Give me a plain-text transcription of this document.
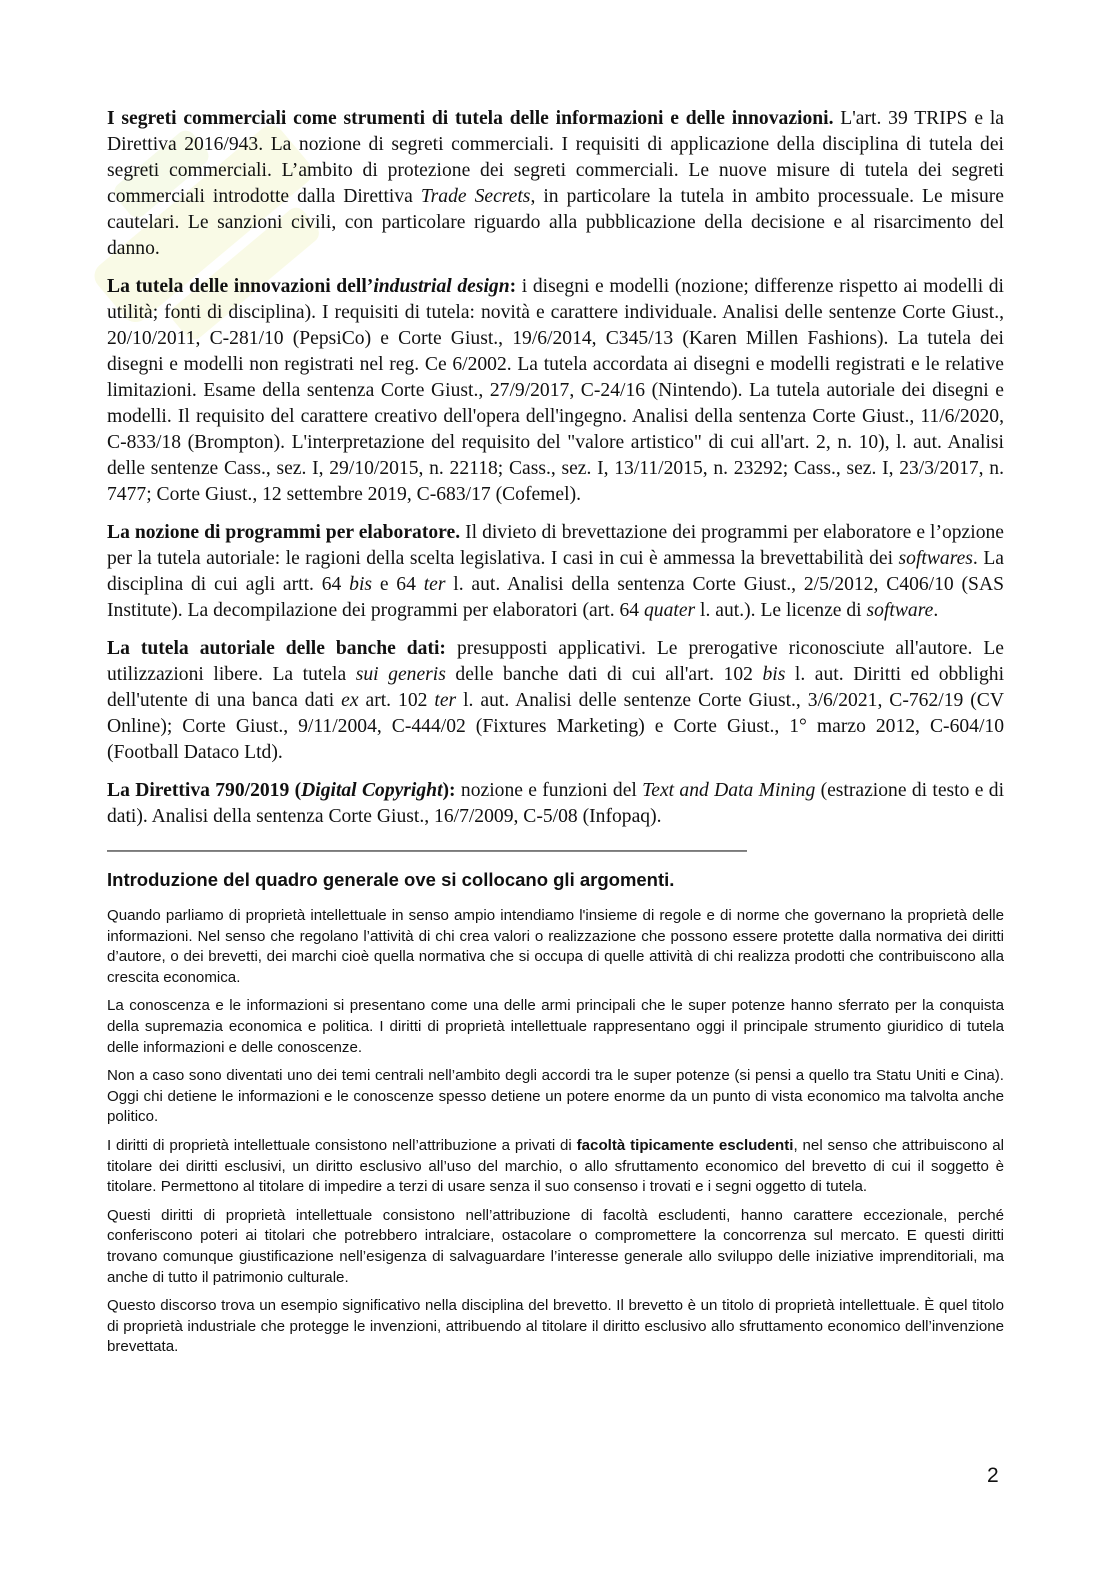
I segreti commerciali come strumenti di tutela delle informazioni e delle innovazioni. L'art. 39 TRIPS e la Direttiva 2016/943. La nozione di segreti commerciali. I requisiti di applicazione della disciplina di tutela dei segreti commerciali. L’ambito di protezione dei segreti commerciali. Le nuove misure di tutela dei segreti commerciali introdotte dalla Direttiva Trade Secrets, in particolare la tutela in ambito processuale. Le misure cautelari. Le sanzioni civili, con particolare riguardo alla pubblicazione della decisione e al risarcimento del danno.

La tutela delle innovazioni dell’industrial design: i disegni e modelli (nozione; differenze rispetto ai modelli di utilità; fonti di disciplina). I requisiti di tutela: novità e carattere individuale. Analisi delle sentenze Corte Giust., 20/10/2011, C-281/10 (PepsiCo) e Corte Giust., 19/6/2014, C345/13 (Karen Millen Fashions). La tutela dei disegni e modelli non registrati nel reg. Ce 6/2002. La tutela accordata ai disegni e modelli registrati e le relative limitazioni. Esame della sentenza Corte Giust., 27/9/2017, C-24/16 (Nintendo). La tutela autoriale dei disegni e modelli. Il requisito del carattere creativo dell'opera dell'ingegno. Analisi della sentenza Corte Giust., 11/6/2020, C-833/18 (Brompton). L'interpretazione del requisito del "valore artistico" di cui all'art. 2, n. 10), l. aut. Analisi delle sentenze Cass., sez. I, 29/10/2015, n. 22118; Cass., sez. I, 13/11/2015, n. 23292; Cass., sez. I, 23/3/2017, n. 7477; Corte Giust., 12 settembre 2019, C-683/17 (Cofemel).

La nozione di programmi per elaboratore. Il divieto di brevettazione dei programmi per elaboratore e l’opzione per la tutela autoriale: le ragioni della scelta legislativa. I casi in cui è ammessa la brevettabilità dei softwares. La disciplina di cui agli artt. 64 bis e 64 ter l. aut. Analisi della sentenza Corte Giust., 2/5/2012, C406/10 (SAS Institute). La decompilazione dei programmi per elaboratori (art. 64 quater l. aut.). Le licenze di software.

La tutela autoriale delle banche dati: presupposti applicativi. Le prerogative riconosciute all'autore. Le utilizzazioni libere. La tutela sui generis delle banche dati di cui all'art. 102 bis l. aut. Diritti ed obblighi dell'utente di una banca dati ex art. 102 ter l. aut. Analisi delle sentenze Corte Giust., 3/6/2021, C-762/19 (CV Online); Corte Giust., 9/11/2004, C-444/02 (Fixtures Marketing) e Corte Giust., 1° marzo 2012, C-604/10 (Football Dataco Ltd).

La Direttiva 790/2019 (Digital Copyright): nozione e funzioni del Text and Data Mining (estrazione di testo e di dati). Analisi della sentenza Corte Giust., 16/7/2009, C-5/08 (Infopaq).

————————————————————————————————————————
Introduzione del quadro generale ove si collocano gli argomenti.

Quando parliamo di proprietà intellettuale in senso ampio intendiamo l'insieme di regole e di norme che governano la proprietà delle informazioni. Nel senso che regolano l’attività di chi crea valori o realizzazione che possono essere protette dalla normativa dei diritti d’autore, o dei brevetti, dei marchi cioè quella normativa che si occupa di quelle attività di chi realizza prodotti che contribuiscono alla crescita economica.

La conoscenza e le informazioni si presentano come una delle armi principali che le super potenze hanno sferrato per la conquista della supremazia economica e politica. I diritti di proprietà intellettuale rappresentano oggi il principale strumento giuridico di tutela delle informazioni e delle conoscenze.

Non a caso sono diventati uno dei temi centrali nell’ambito degli accordi tra le super potenze (si pensi a quello tra Statu Uniti e Cina). Oggi chi detiene le informazioni e le conoscenze spesso detiene un potere enorme da un punto di vista economico ma talvolta anche politico.

I diritti di proprietà intellettuale consistono nell’attribuzione a privati di facoltà tipicamente escludenti, nel senso che attribuiscono al titolare dei diritti esclusivi, un diritto esclusivo all’uso del marchio, o allo sfruttamento economico del brevetto di cui il soggetto è titolare. Permettono al titolare di impedire a terzi di usare senza il suo consenso i trovati e i segni oggetto di tutela.

Questi diritti di proprietà intellettuale consistono nell’attribuzione di facoltà escludenti, hanno carattere eccezionale, perché conferiscono poteri ai titolari che potrebbero intralciare, ostacolare o compromettere la concorrenza sul mercato. E questi diritti trovano comunque giustificazione nell’esigenza di salvaguardare l’interesse generale allo sviluppo delle iniziative imprenditoriali, ma anche di tutto il patrimonio culturale.

Questo discorso trova un esempio significativo nella disciplina del brevetto. Il brevetto è un titolo di proprietà intellettuale. È quel titolo di proprietà industriale che protegge le invenzioni, attribuendo al titolare il diritto esclusivo allo sfruttamento economico dell’invenzione brevettata.

2
